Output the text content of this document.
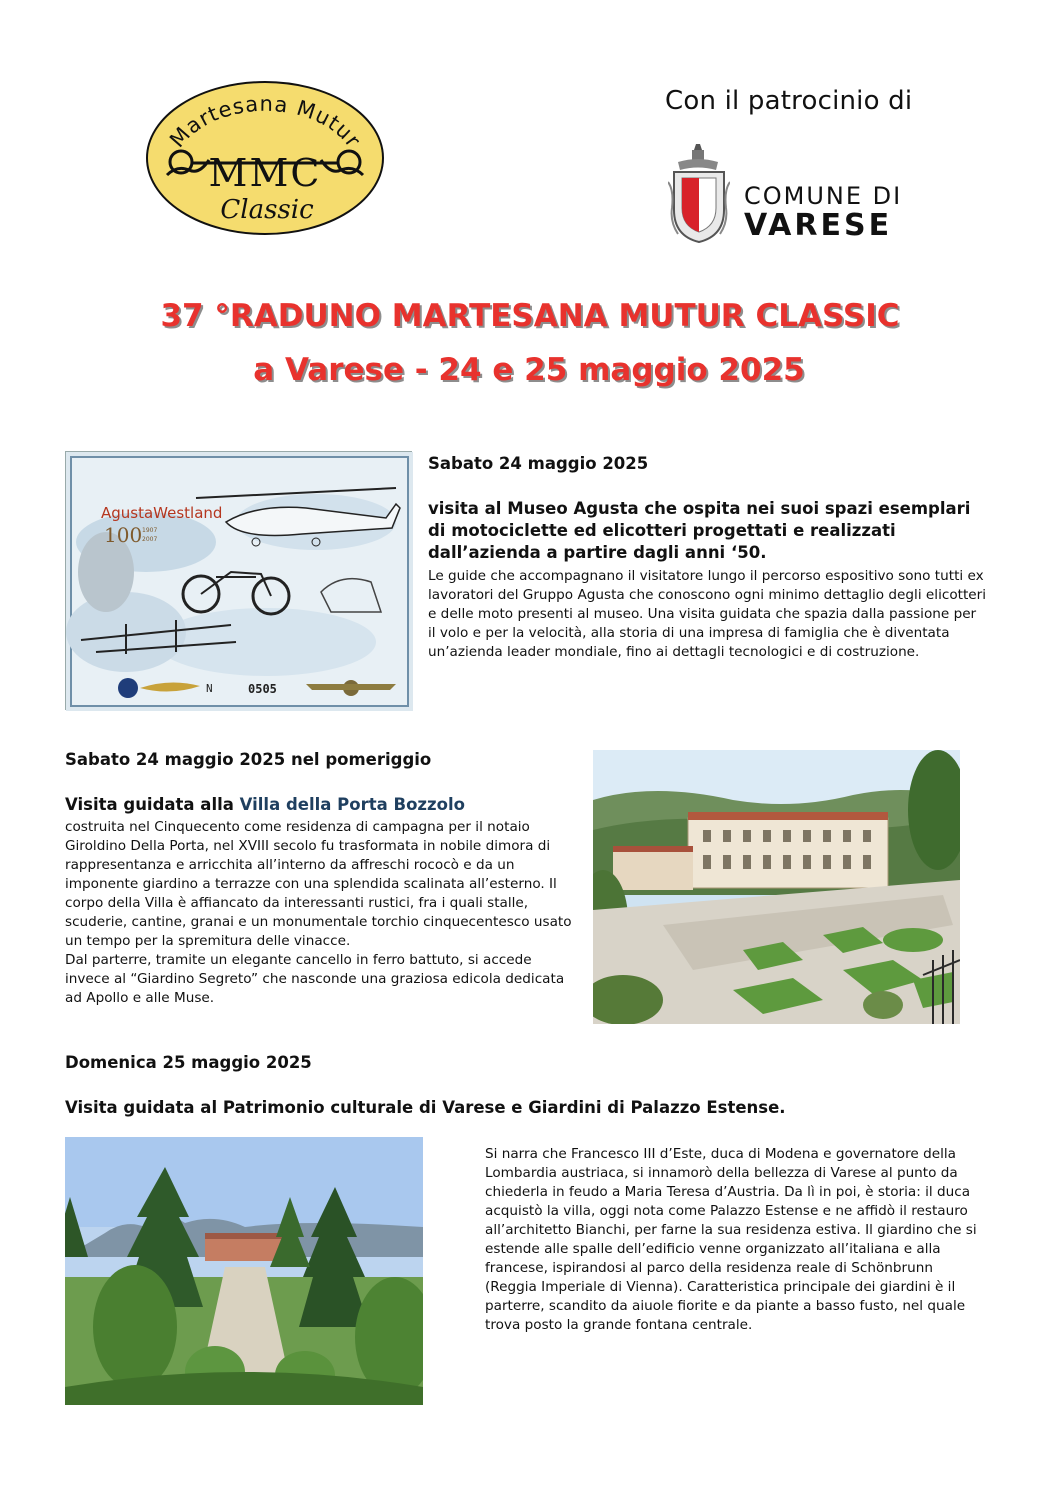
Martesana Mutur
MMC
Classic
Con il patrocinio di
COMUNE DI
VARESE
37 °RADUNO MARTESANA MUTUR CLASSIC
a Varese - 24 e 25 maggio 2025
AgustaWestland
100 1907
2007
N	0505
Sabato 24 maggio 2025
visita al Museo Agusta che ospita nei suoi spazi esemplari di motociclette ed elicotteri progettati e realizzati dall’azienda a partire dagli anni ‘50.
Le guide che accompagnano il visitatore lungo il percorso espositivo sono tutti ex lavoratori del Gruppo Agusta che conoscono ogni minimo dettaglio degli elicotteri e delle moto presenti al museo. Una visita guidata che spazia dalla passione per il volo e per la velocità, alla storia di una impresa di famiglia che è diventata un’azienda leader mondiale, fino ai dettagli tecnologici e di costruzione.
Sabato 24 maggio 2025 nel pomeriggio
Visita guidata alla Villa della Porta Bozzolo
costruita nel Cinquecento come residenza di campagna per il notaio Giroldino Della Porta, nel XVIII secolo fu trasformata in nobile dimora di rappresentanza e arricchita all’interno da affreschi rococò e da un imponente giardino a terrazze con una splendida scalinata all’esterno. Il corpo della Villa è affiancato da interessanti rustici, fra i quali stalle, scuderie, cantine, granai e un monumentale torchio cinquecentesco usato un tempo per la spremitura delle vinacce.
Dal parterre, tramite un elegante cancello in ferro battuto, si accede invece al “Giardino Segreto” che nasconde una graziosa edicola dedicata ad Apollo e alle Muse.
Domenica 25 maggio 2025
Visita guidata al Patrimonio culturale di Varese e Giardini di Palazzo Estense.
Si narra che Francesco III d’Este, duca di Modena e governatore della Lombardia austriaca, si innamorò della bellezza di Varese al punto da chiederla in feudo a Maria Teresa d’Austria. Da lì in poi, è storia: il duca acquistò la villa, oggi nota come Palazzo Estense e ne affidò il restauro all’architetto Bianchi, per farne la sua residenza estiva. Il giardino che si estende alle spalle dell’edificio venne organizzato all’italiana e alla francese, ispirandosi al parco della residenza reale di Schönbrunn (Reggia Imperiale di Vienna). Caratteristica principale dei giardini è il parterre, scandito da aiuole fiorite e da piante a basso fusto, nel quale trova posto la grande fontana centrale.
